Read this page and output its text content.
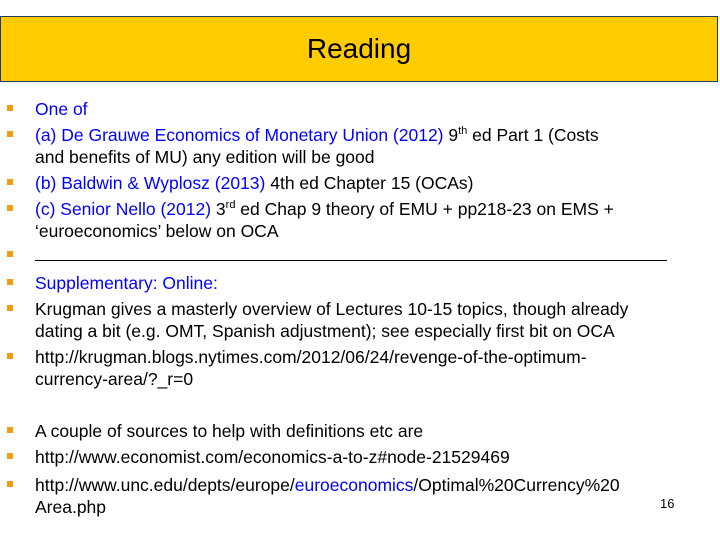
Reading
One of
(a) De Grauwe Economics of Monetary Union (2012) 9th ed Part 1 (Costs
and benefits of MU) any edition will be good
(b) Baldwin & Wyplosz (2013) 4th ed Chapter 15 (OCAs)
(c) Senior Nello (2012) 3rd ed Chap 9 theory of EMU + pp218-23 on EMS +
‘euroeconomics’ below on OCA
Supplementary: Online:
Krugman gives a masterly overview of Lectures 10-15 topics, though already
dating a bit (e.g. OMT, Spanish adjustment); see especially first bit on OCA
http://krugman.blogs.nytimes.com/2012/06/24/revenge-of-the-optimum-
currency-area/?_r=0
A couple of sources to help with definitions etc are
http://www.economist.com/economics-a-to-z#node-21529469
http://www.unc.edu/depts/europe/euroeconomics/Optimal%20Currency%20
Area.php	16
